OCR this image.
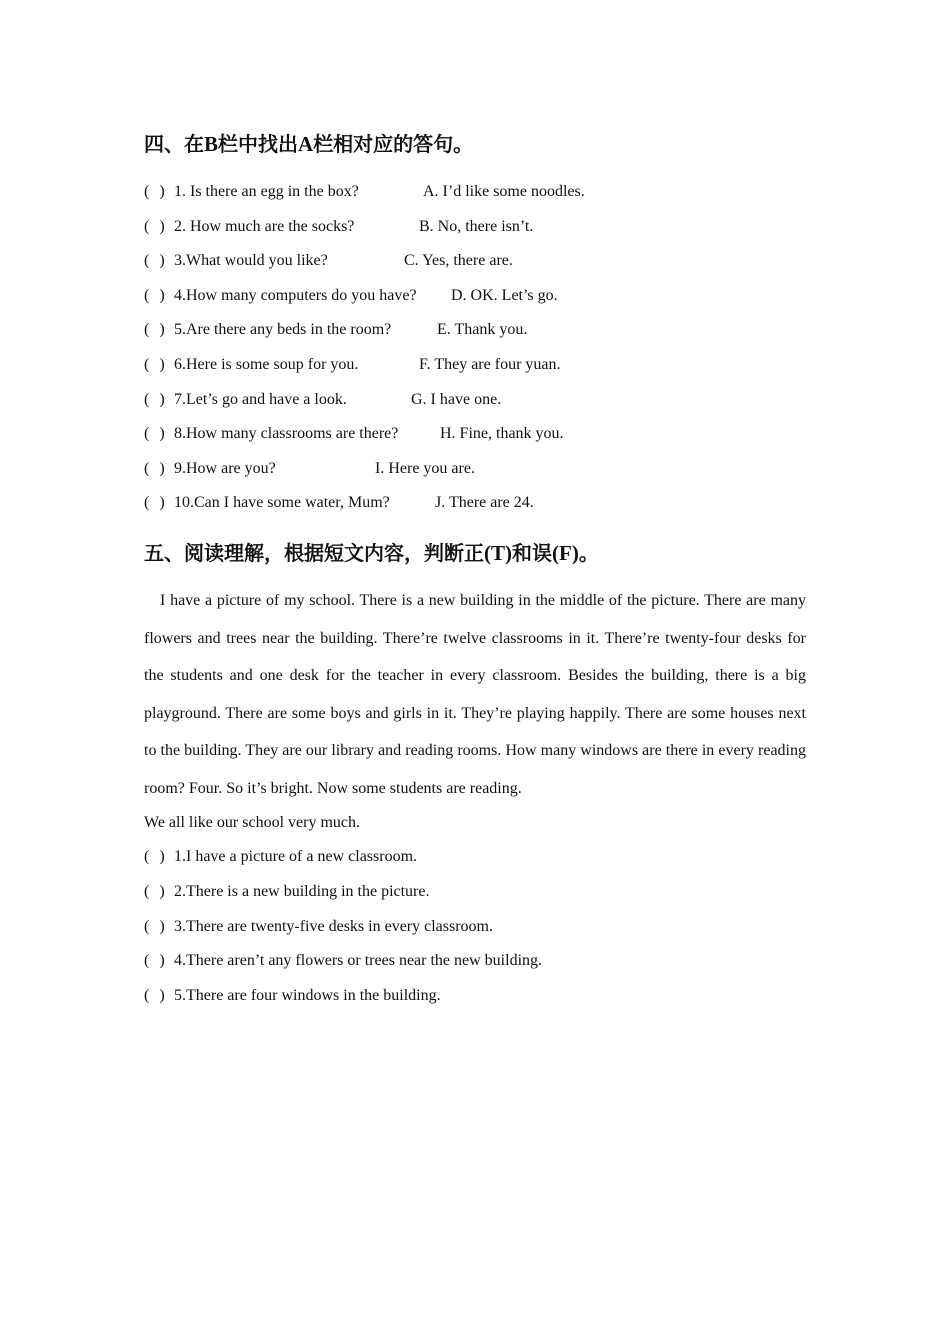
四、在B栏中找出A栏相对应的答句。
( ) 1. Is there an egg in the box?	A. I’d like some noodles.
( ) 2. How much are the socks?	B. No, there isn’t.
( ) 3.What would you like?	C. Yes, there are.
( ) 4.How many computers do you have? D. OK. Let’s go.
( ) 5.Are there any beds in the room?	E. Thank you.
( ) 6.Here is some soup for you.	F. They are four yuan.
( ) 7.Let’s go and have a look.	G. I have one.
( ) 8.How many classrooms are there?	H. Fine, thank you.
( ) 9.How are you?	I. Here you are.
( ) 10.Can I have some water, Mum?	J. There are 24.
五、阅读理解，根据短文内容，判断正(T)和误(F)。

I have a picture of my school. There is a new building in the middle of the picture. There are many flowers and trees near the building. There’re twelve classrooms in it. There’re twenty-four desks for the students and one desk for the teacher in every classroom. Besides the building, there is a big playground. There are some boys and girls in it. They’re playing happily. There are some houses next to the building. They are our library and reading rooms. How many windows are there in every reading room? Four. So it’s bright. Now some students are reading.

We all like our school very much.
( ) 1.I have a picture of a new classroom.
( ) 2.There is a new building in the picture.
( ) 3.There are twenty-five desks in every classroom.
( ) 4.There aren’t any flowers or trees near the new building.
( ) 5.There are four windows in the building.
